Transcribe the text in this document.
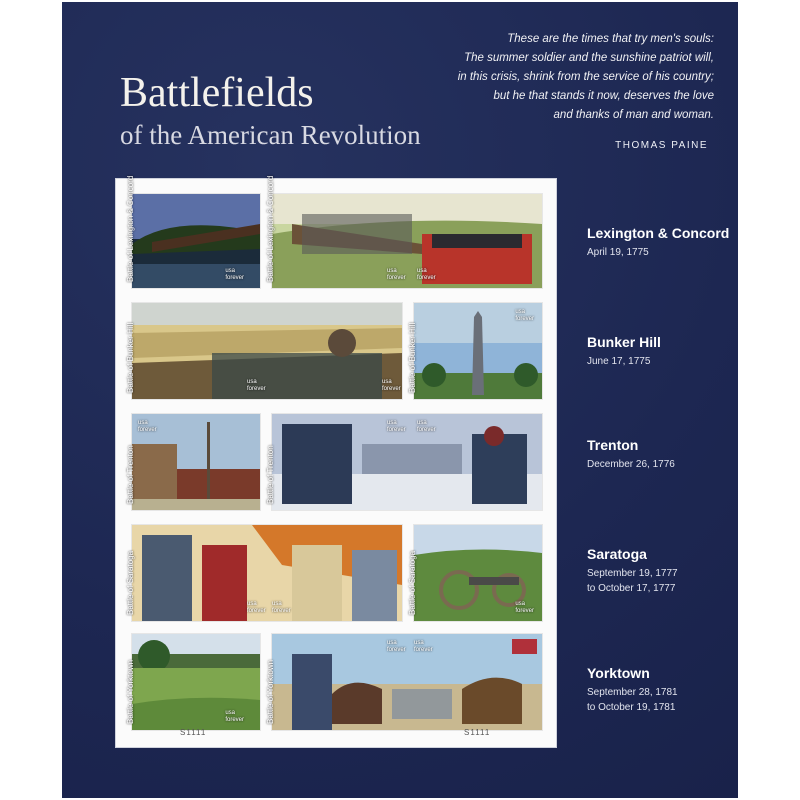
Battlefields
of the American Revolution
These are the times that try men's souls:
The summer soldier and the sunshine patriot will,
in this crisis, shrink from the service of his country;
but he that stands it now, deserves the love
and thanks of man and woman.
THOMAS PAINE
Battle of Lexington & Concord	usa
forever	Battle of Lexington & Concord	usa
forever
usa
forever
Battle of Bunker Hill	usa
forever
usa
forever Battle of Bunker Hill
usa
forever
Battle of Trenton
usa
forever
Battle of Trenton
usa
forever
usa
forever
Battle of Saratoga	usa
forever
usa
forever	Battle of Saratoga	usa
forever
Battle of Yorktown	usa
forever	Battle of Yorktown
usa
forever
usa
forever
S1111	S1111
Lexington & Concord
April 19, 1775
Bunker Hill
June 17, 1775
Trenton
December 26, 1776
Saratoga
September 19, 1777
to October 17, 1777
Yorktown
September 28, 1781
to October 19, 1781
